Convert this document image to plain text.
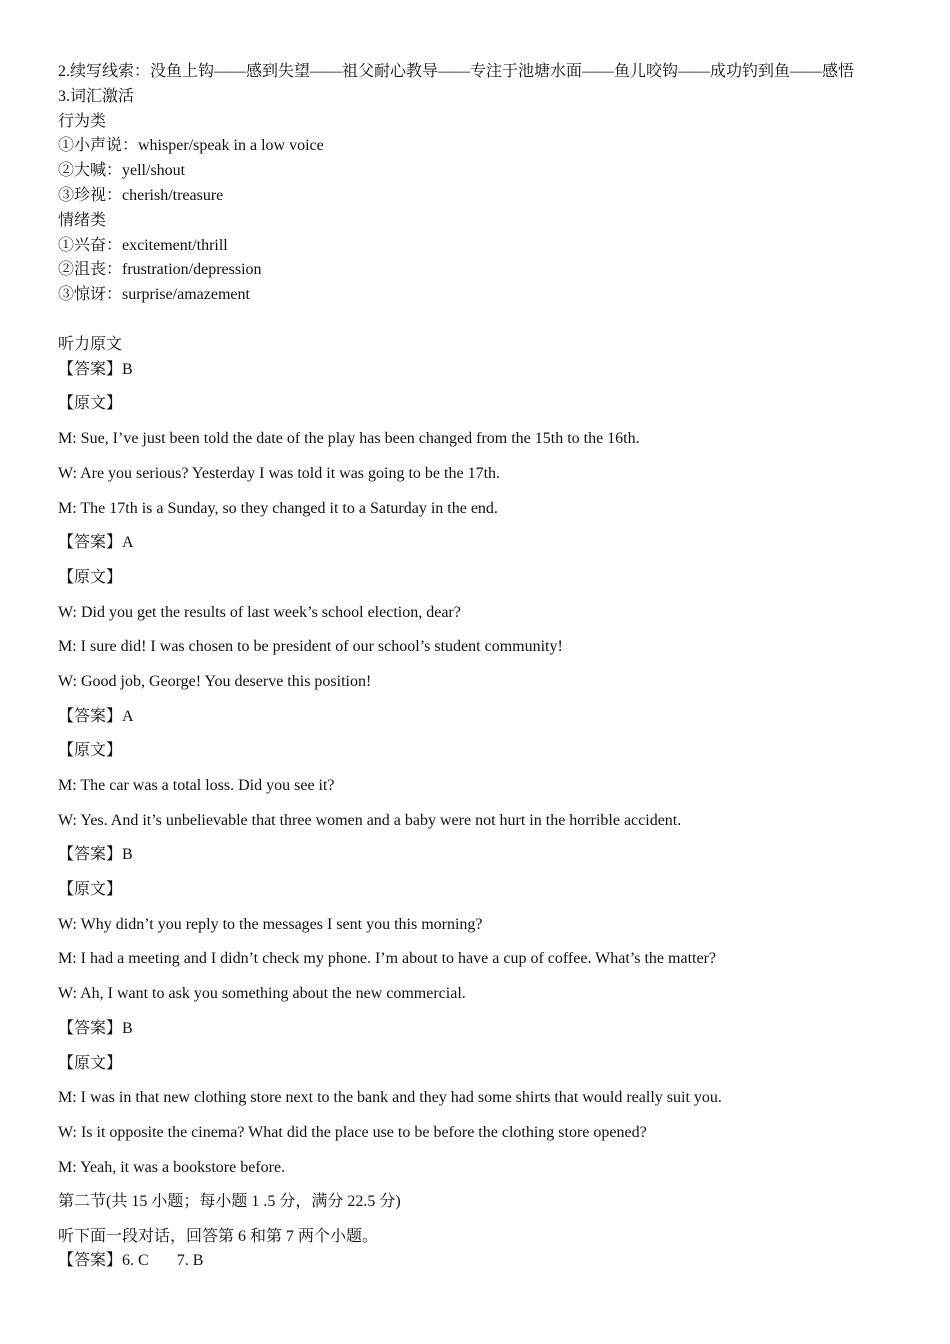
2.续写线索：没鱼上钩——感到失望——祖父耐心教导——专注于池塘水面——鱼儿咬钩——成功钓到鱼——感悟
3.词汇激活
行为类
①小声说：whisper/speak in a low voice
②大喊：yell/shout
③珍视：cherish/treasure
情绪类
①兴奋：excitement/thrill
②沮丧：frustration/depression
③惊讶：surprise/amazement
听力原文
【答案】B
【原文】
M: Sue, I’ve just been told the date of the play has been changed from the 15th to the 16th.
W: Are you serious? Yesterday I was told it was going to be the 17th.
M: The 17th is a Sunday, so they changed it to a Saturday in the end.
【答案】A
【原文】
W: Did you get the results of last week’s school election, dear?
M: I sure did! I was chosen to be president of our school’s student community!
W: Good job, George! You deserve this position!
【答案】A
【原文】
M: The car was a total loss. Did you see it?
W: Yes. And it’s unbelievable that three women and a baby were not hurt in the horrible accident.
【答案】B
【原文】
W: Why didn’t you reply to the messages I sent you this morning?
M: I had a meeting and I didn’t check my phone. I’m about to have a cup of coffee. What’s the matter?
W: Ah, I want to ask you something about the new commercial.
【答案】B
【原文】
M: I was in that new clothing store next to the bank and they had some shirts that would really suit you.
W: Is it opposite the cinema? What did the place use to be before the clothing store opened?
M: Yeah, it was a bookstore before.
第二节(共 15 小题；每小题 1 .5 分，满分 22.5 分)
听下面一段对话，回答第 6 和第 7 两个小题。
【答案】6. C 7. B
